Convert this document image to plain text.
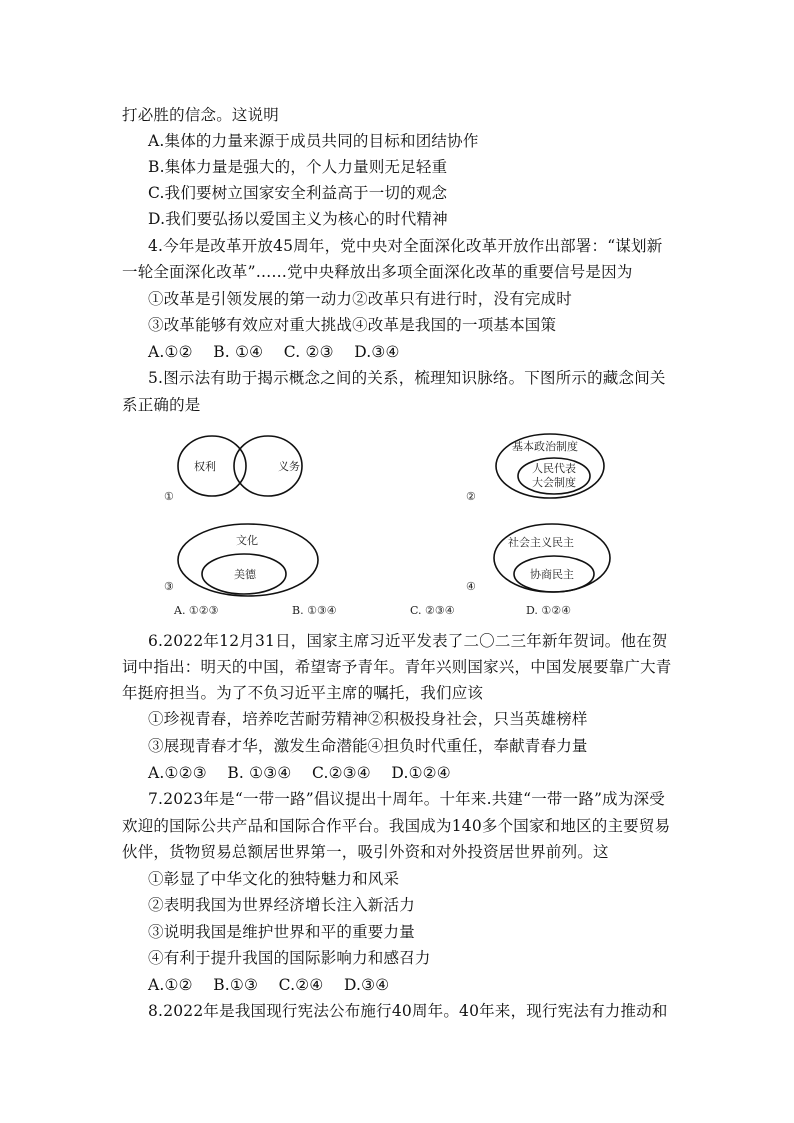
打必胜的信念。这说明
A.集体的力量来源于成员共同的目标和团结协作
B.集体力量是强大的，个人力量则无足轻重
C.我们要树立国家安全利益高于一切的观念
D.我们要弘扬以爱国主义为核心的时代精神
4.今年是改革开放45周年，党中央对全面深化改革开放作出部署：“谋划新
一轮全面深化改革”……党中央释放出多项全面深化改革的重要信号是因为
①改革是引领发展的第一动力②改革只有进行时，没有完成时
③改革能够有效应对重大挑战④改革是我国的一项基本国策
A.①②    B. ①④    C. ②③    D.③④
5.图示法有助于揭示概念之间的关系，梳理知识脉络。下图所示的藏念间关
系正确的是
权利	义务
①
基本政治制度
人民代表
大会制度
②
文化
美德
③
社会主义民主
协商民主
④
A. ①②③	B. ①③④	C. ②③④	D. ①②④
6.2022年12月31日，国家主席习近平发表了二〇二三年新年贺词。他在贺
词中指出：明天的中国，希望寄予青年。青年兴则国家兴，中国发展要靠广大青
年挺府担当。为了不负习近平主席的嘱托，我们应该
①珍视青春，培养吃苦耐劳精神②积极投身社会，只当英雄榜样
③展现青春才华，激发生命潜能④担负时代重任，奉献青春力量
A.①②③    B. ①③④    C.②③④    D.①②④
7.2023年是“一带一路”倡议提出十周年。十年来.共建“一带一路”成为深受
欢迎的国际公共产品和国际合作平台。我国成为140多个国家和地区的主要贸易
伙伴，货物贸易总额居世界第一，吸引外资和对外投资居世界前列。这
①彰显了中华文化的独特魅力和风采
②表明我国为世界经济增长注入新活力
③说明我国是维护世界和平的重要力量
④有利于提升我国的国际影响力和感召力
A.①②    B.①③    C.②④    D.③④
8.2022年是我国现行宪法公布施行40周年。40年来，现行宪法有力推动和
